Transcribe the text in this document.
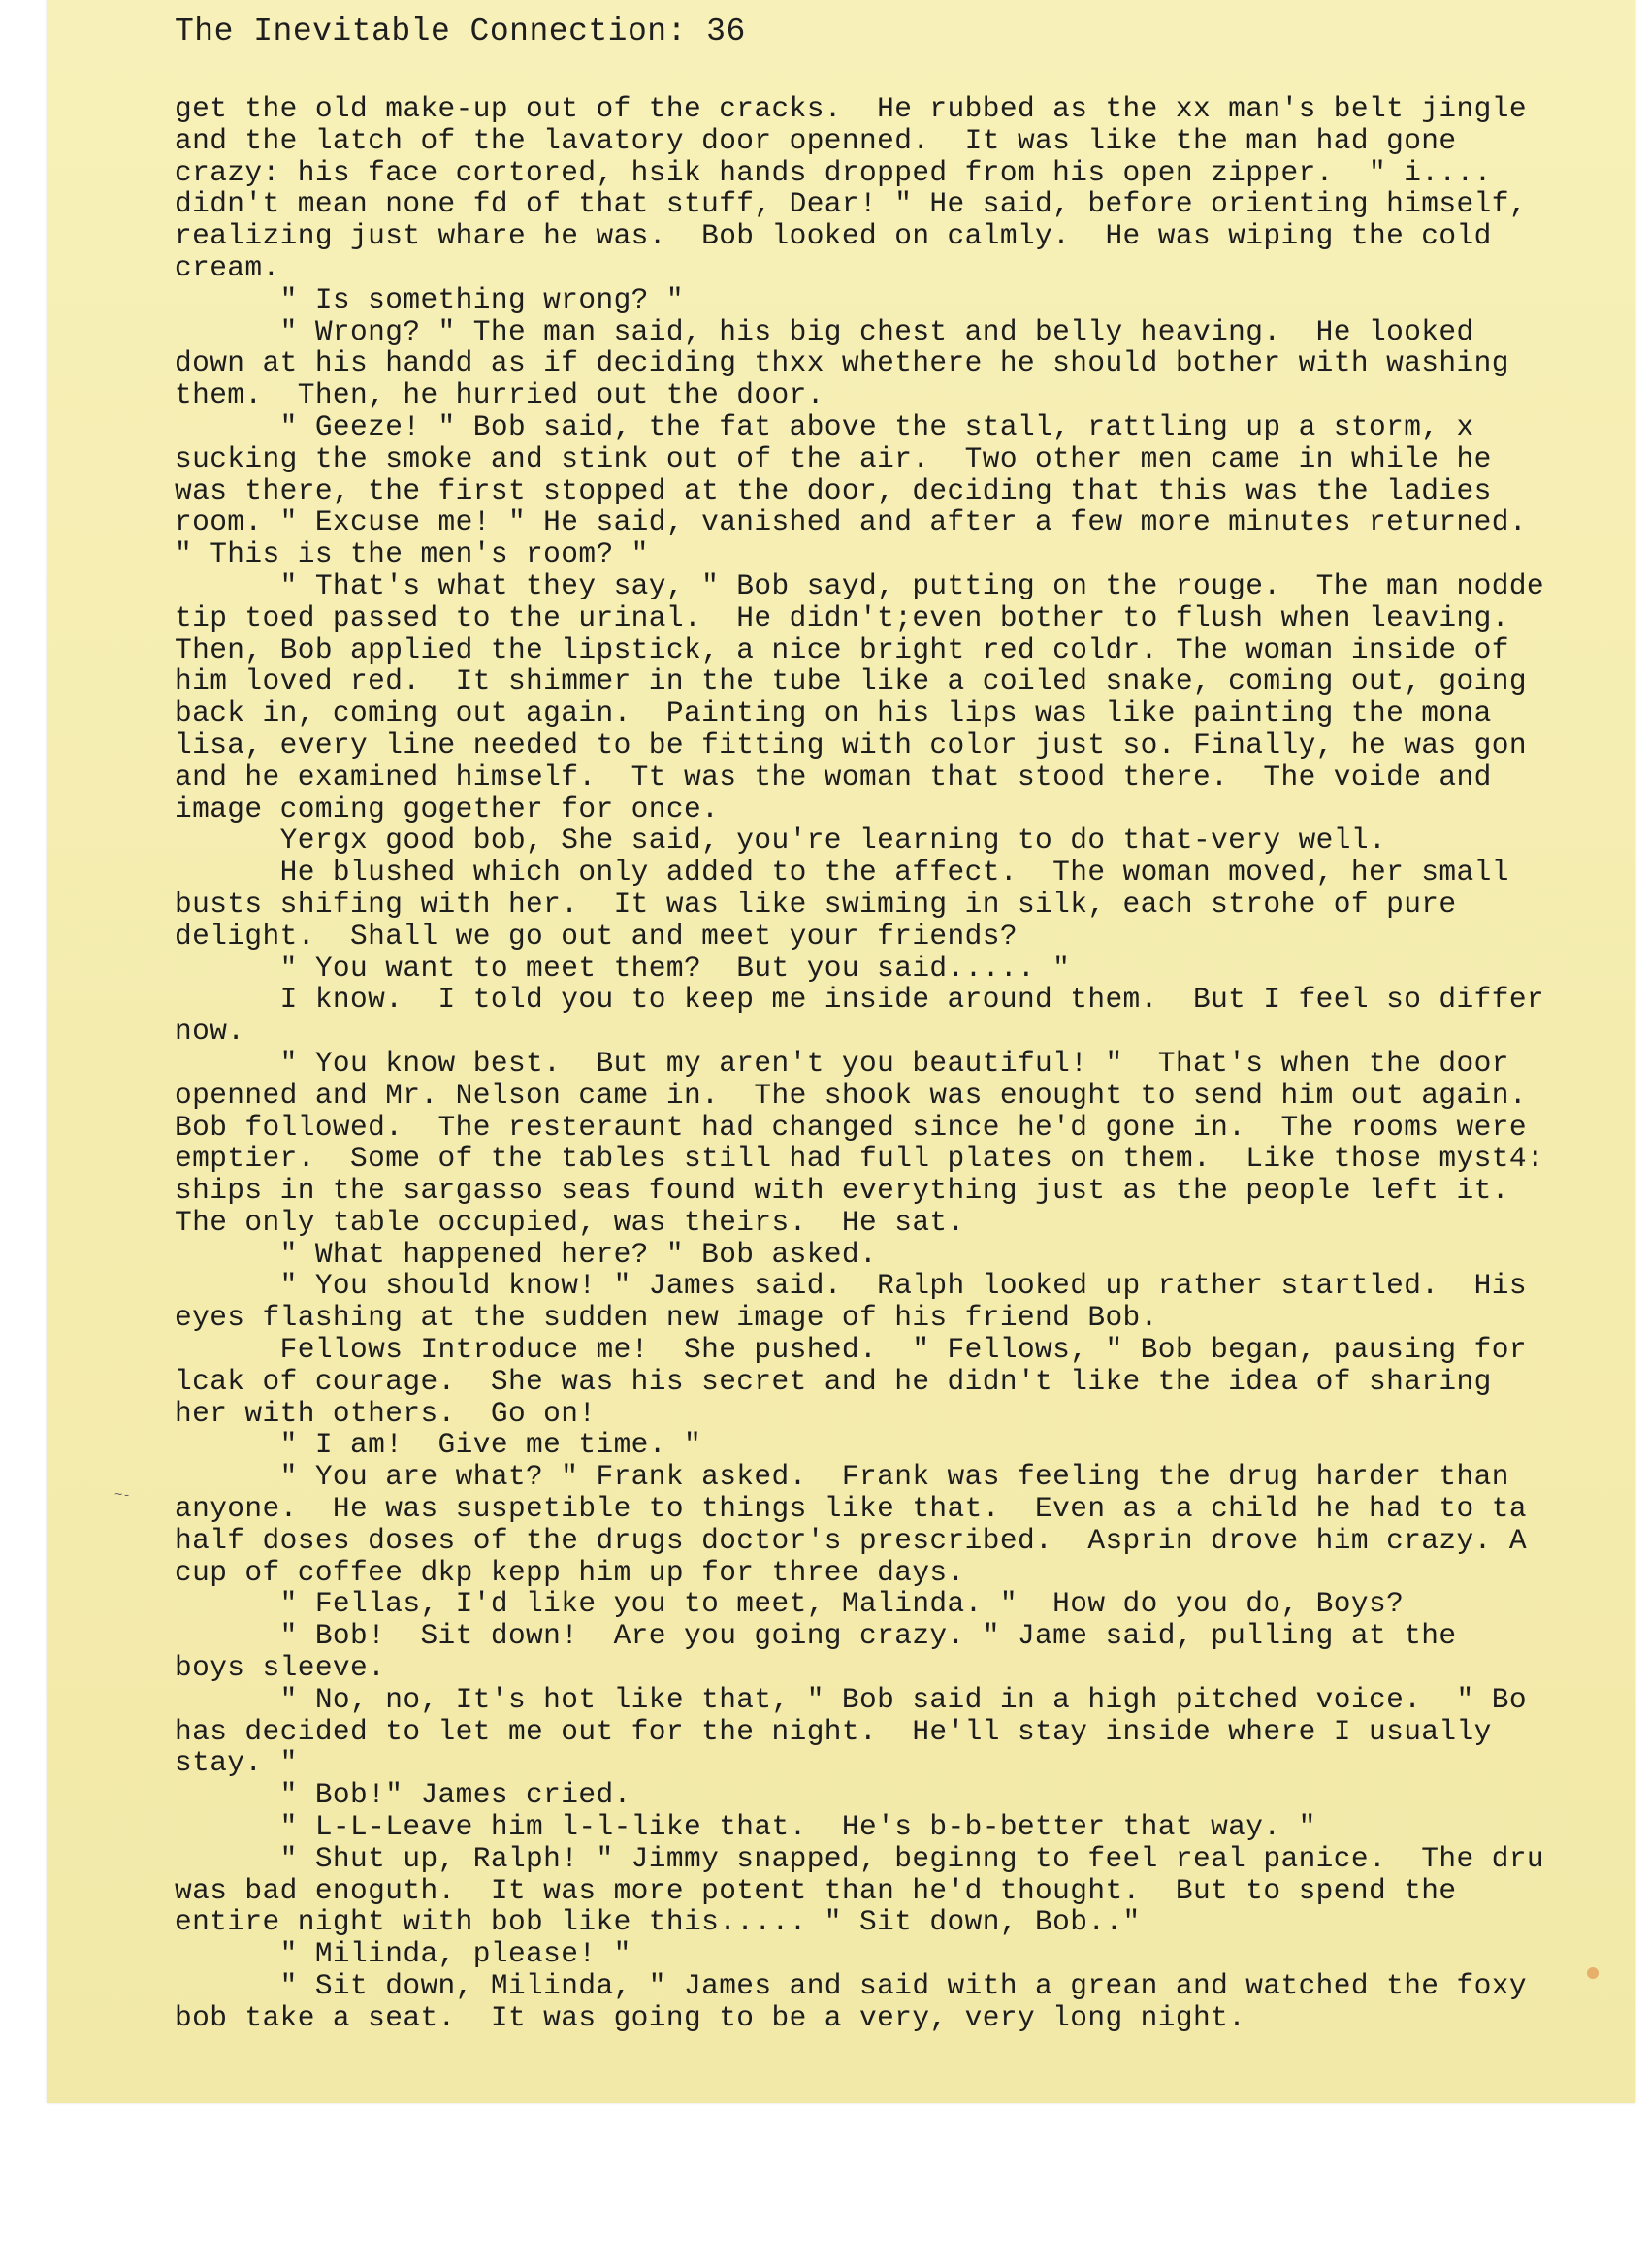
The Inevitable Connection: 36
~-
get the old make-up out of the cracks.  He rubbed as the xx man's belt jingle
and the latch of the lavatory door openned.  It was like the man had gone
crazy: his face cortored, hsik hands dropped from his open zipper.  " i....
didn't mean none fd of that stuff, Dear! " He said, before orienting himself,
realizing just whare he was.  Bob looked on calmly.  He was wiping the cold
cream.
" Is something wrong? "
" Wrong? " The man said, his big chest and belly heaving.  He looked
down at his handd as if deciding thxx whethere he should bother with washing
them.  Then, he hurried out the door.
" Geeze! " Bob said, the fat above the stall, rattling up a storm, x
sucking the smoke and stink out of the air.  Two other men came in while he
was there, the first stopped at the door, deciding that this was the ladies
room. " Excuse me! " He said, vanished and after a few more minutes returned.
" This is the men's room? "
" That's what they say, " Bob sayd, putting on the rouge.  The man nodde
tip toed passed to the urinal.  He didn't;even bother to flush when leaving.
Then, Bob applied the lipstick, a nice bright red coldr. The woman inside of
him loved red.  It shimmer in the tube like a coiled snake, coming out, going
back in, coming out again.  Painting on his lips was like painting the mona
lisa, every line needed to be fitting with color just so. Finally, he was gon
and he examined himself.  Tt was the woman that stood there.  The voide and
image coming gogether for once.
Yergx good bob, She said, you're learning to do that-very well.
He blushed which only added to the affect.  The woman moved, her small
busts shifing with her.  It was like swiming in silk, each strohe of pure
delight.  Shall we go out and meet your friends?
" You want to meet them?  But you said..... "
I know.  I told you to keep me inside around them.  But I feel so differ
now.
" You know best.  But my aren't you beautiful! "  That's when the door
openned and Mr. Nelson came in.  The shook was enought to send him out again.
Bob followed.  The resteraunt had changed since he'd gone in.  The rooms were
emptier.  Some of the tables still had full plates on them.  Like those myst4:
ships in the sargasso seas found with everything just as the people left it.
The only table occupied, was theirs.  He sat.
" What happened here? " Bob asked.
" You should know! " James said.  Ralph looked up rather startled.  His
eyes flashing at the sudden new image of his friend Bob.
Fellows Introduce me!  She pushed.  " Fellows, " Bob began, pausing for
lcak of courage.  She was his secret and he didn't like the idea of sharing
her with others.  Go on!
" I am!  Give me time. "
" You are what? " Frank asked.  Frank was feeling the drug harder than
anyone.  He was suspetible to things like that.  Even as a child he had to ta
half doses doses of the drugs doctor's prescribed.  Asprin drove him crazy. A
cup of coffee dkp kepp him up for three days.
" Fellas, I'd like you to meet, Malinda. "  How do you do, Boys?
" Bob!  Sit down!  Are you going crazy. " Jame said, pulling at the
boys sleeve.
" No, no, It's hot like that, " Bob said in a high pitched voice.  " Bo
has decided to let me out for the night.  He'll stay inside where I usually
stay. "
" Bob!" James cried.
" L-L-Leave him l-l-like that.  He's b-b-better that way. "
" Shut up, Ralph! " Jimmy snapped, beginng to feel real panice.  The dru
was bad enoguth.  It was more potent than he'd thought.  But to spend the
entire night with bob like this..... " Sit down, Bob.."
" Milinda, please! "
" Sit down, Milinda, " James and said with a grean and watched the foxy
bob take a seat.  It was going to be a very, very long night.
